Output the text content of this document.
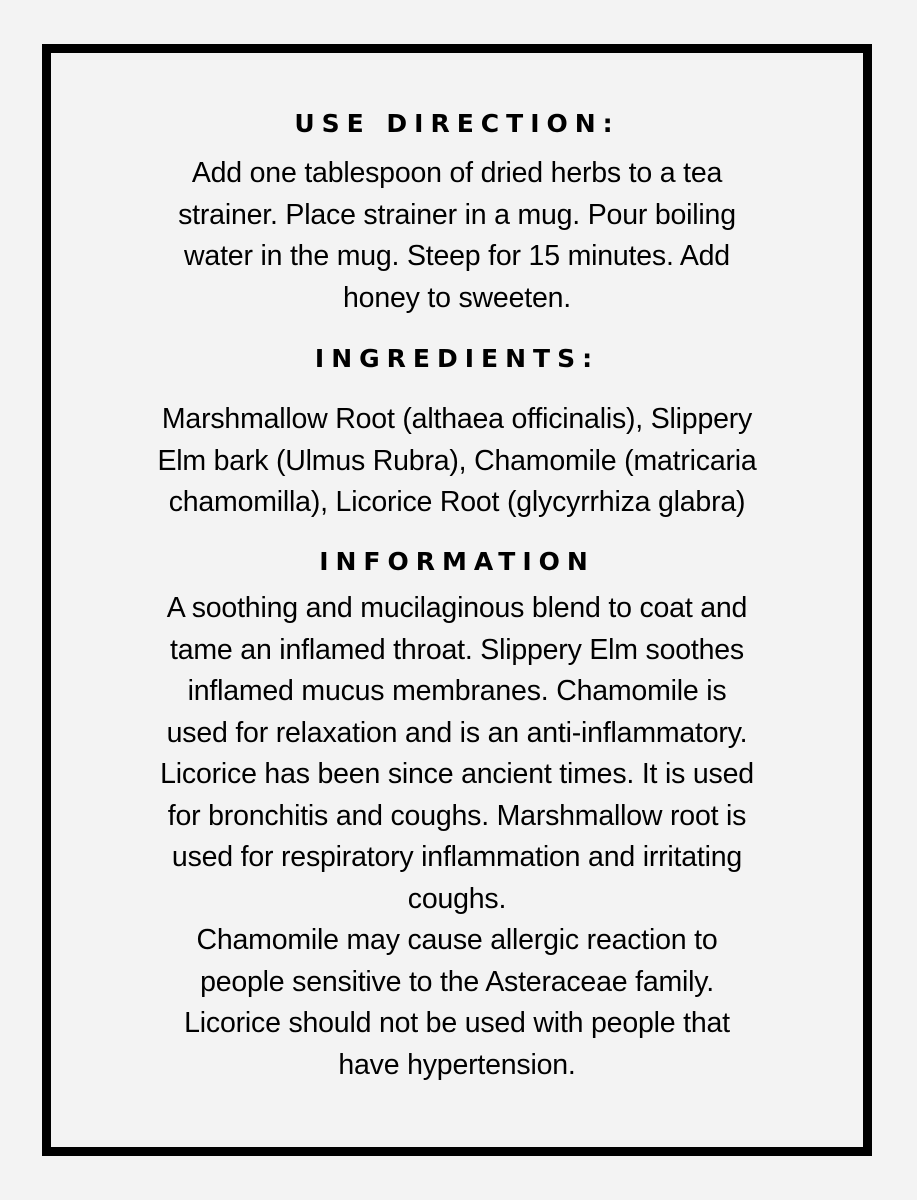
USE DIRECTION:
Add one tablespoon of dried herbs to a tea
strainer. Place strainer in a mug. Pour boiling
water in the mug. Steep for 15 minutes. Add
honey to sweeten.
INGREDIENTS:
Marshmallow Root (althaea officinalis), Slippery
Elm bark (Ulmus Rubra), Chamomile (matricaria
chamomilla), Licorice Root (glycyrrhiza glabra)
INFORMATION
A soothing and mucilaginous blend to coat and
tame an inflamed throat. Slippery Elm soothes
inflamed mucus membranes. Chamomile is
used for relaxation and is an anti-inflammatory.
Licorice has been since ancient times. It is used
for bronchitis and coughs. Marshmallow root is
used for respiratory inflammation and irritating
coughs.
Chamomile may cause allergic reaction to
people sensitive to the Asteraceae family.
Licorice should not be used with people that
have hypertension.
